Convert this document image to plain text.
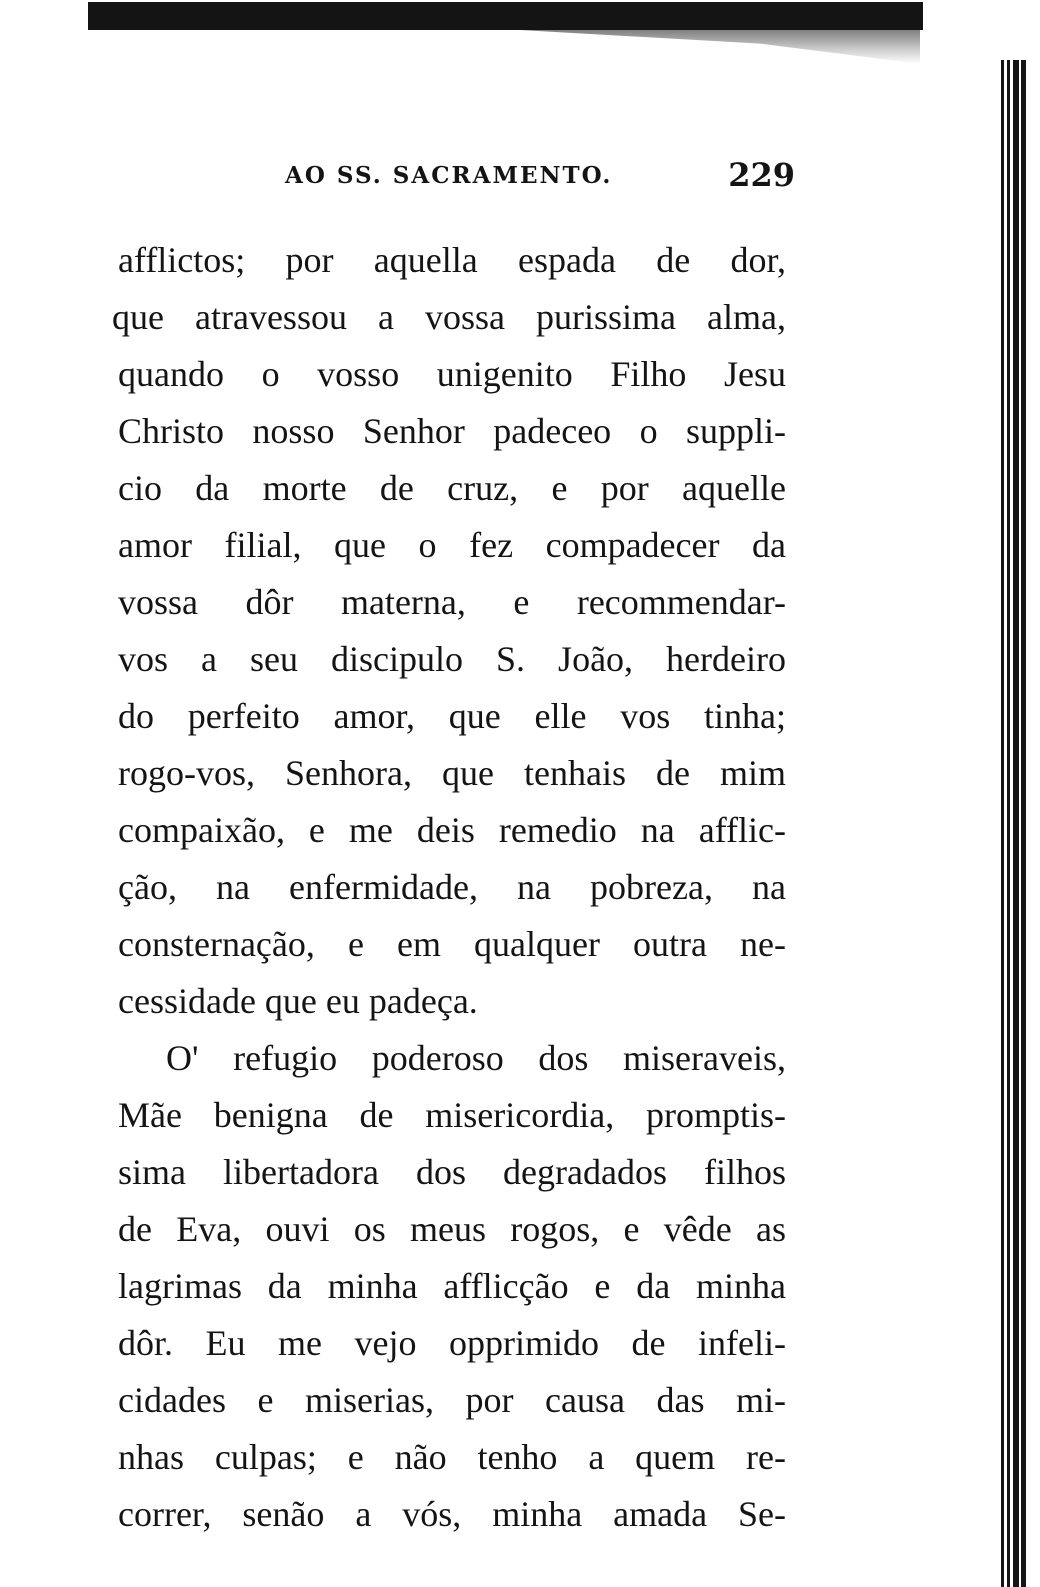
AO SS. SACRAMENTO.	229
afflictos; por aquella espada de dor,
que atravessou a vossa purissima alma,
quando o vosso unigenito Filho Jesu
Christo nosso Senhor padeceo o suppli-
cio da morte de cruz, e por aquelle
amor filial, que o fez compadecer da
vossa dôr materna, e recommendar-
vos a seu discipulo S. João, herdeiro
do perfeito amor, que elle vos tinha;
rogo-vos, Senhora, que tenhais de mim
compaixão, e me deis remedio na afflic-
ção, na enfermidade, na pobreza, na
consternação, e em qualquer outra ne-
cessidade que eu padeça.
O' refugio poderoso dos miseraveis,
Mãe benigna de misericordia, promptis-
sima libertadora dos degradados filhos
de Eva, ouvi os meus rogos, e vêde as
lagrimas da minha afflicção e da minha
dôr. Eu me vejo opprimido de infeli-
cidades e miserias, por causa das mi-
nhas culpas; e não tenho a quem re-
correr, senão a vós, minha amada Se-
